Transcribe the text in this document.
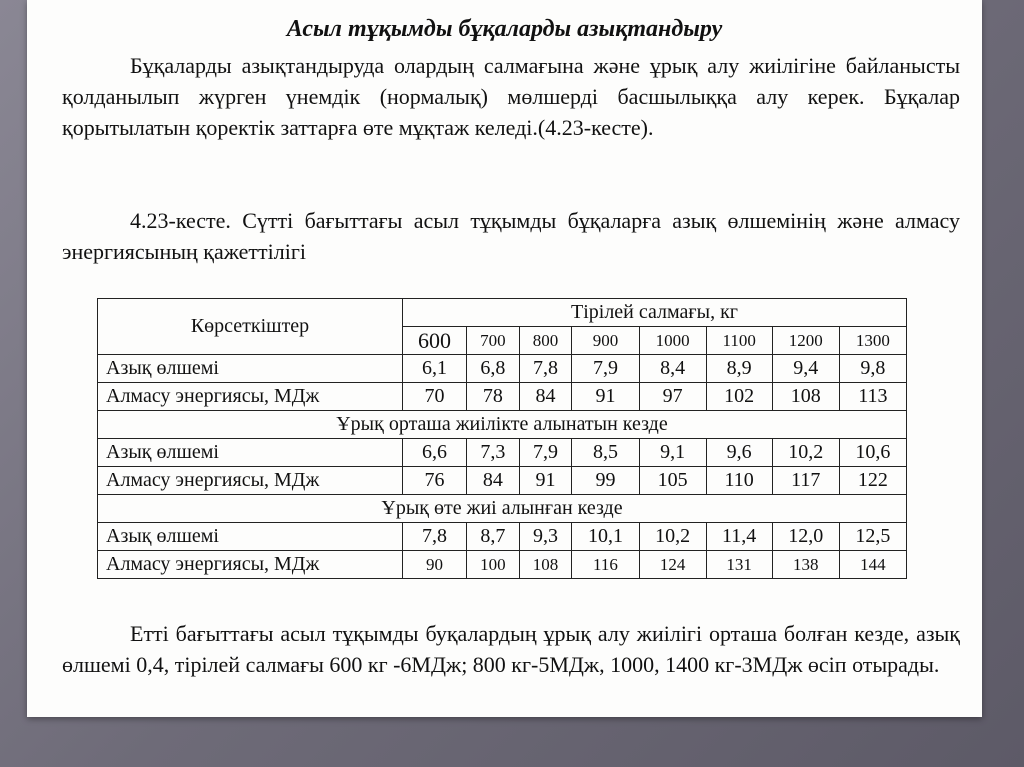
Асыл тұқымды бұқаларды азықтандыру
Бұқаларды азықтандыруда олардың салмағына және ұрық алу жиілігіне байланысты қолданылып жүрген үнемдік (нормалық) мөлшерді басшылыққа алу керек. Бұқалар қорытылатын қоректік заттарға өте мұқтаж келеді.(4.23-кесте).
4.23-кесте. Сүтті бағыттағы асыл тұқымды бұқаларға азық өлшемінің және алмасу энергиясының қажеттілігі
Көрсеткіштер	Тірілей салмағы, кг							
	600	700	800	900	1000	1100	1200	1300
Азық өлшемі	6,1	6,8	7,8	7,9	8,4	8,9	9,4	9,8
Алмасу энергиясы, МДж	70	78	84	91	97	102	108	113
Ұрық орташа жиілікте алынатын кезде								
Азық өлшемі	6,6	7,3	7,9	8,5	9,1	9,6	10,2	10,6
Алмасу энергиясы, МДж	76	84	91	99	105	110	117	122
Ұрық өте жиі алынған кезде								
Азық өлшемі	7,8	8,7	9,3	10,1	10,2	11,4	12,0	12,5
Алмасу энергиясы, МДж	90	100	108	116	124	131	138	144
Етті бағыттағы асыл тұқымды буқалардың ұрық алу жиілігі орташа болған кезде, азық өлшемі 0,4, тірілей салмағы 600 кг -6МДж; 800 кг-5МДж, 1000, 1400 кг-3МДж өсіп отырады.
